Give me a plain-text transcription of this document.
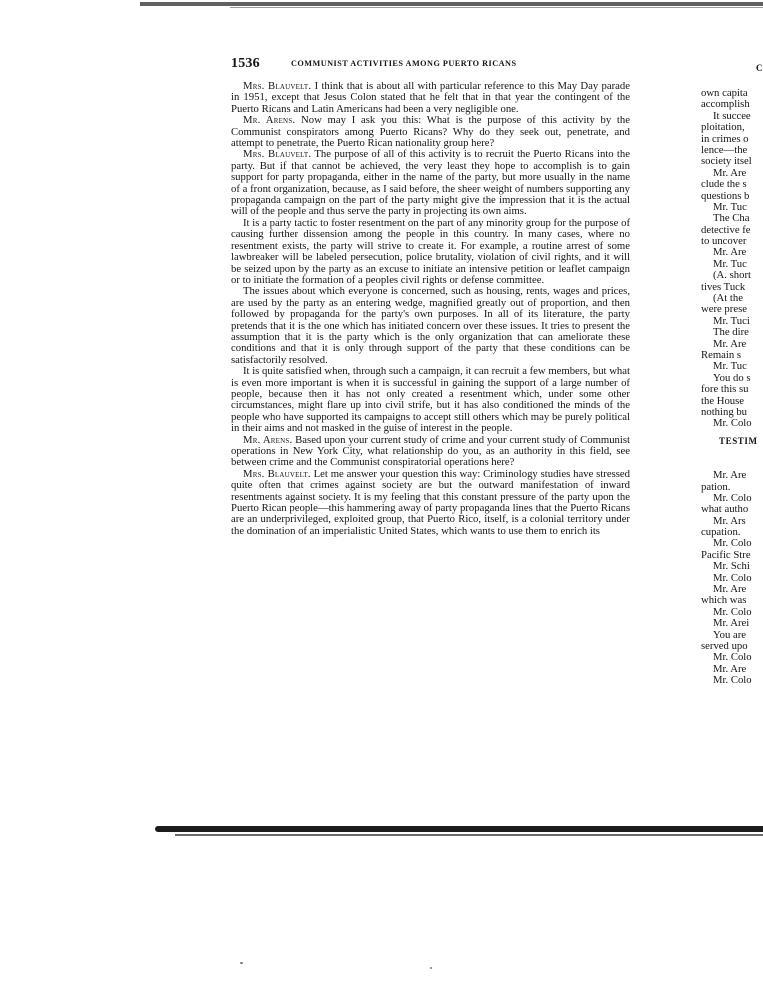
1536	COMMUNIST ACTIVITIES AMONG PUERTO RICANS	C

Mrs. Blauvelt. I think that is about all with particular reference to this May Day parade in 1951, except that Jesus Colon stated that he felt that in that year the contingent of the Puerto Ricans and Latin Americans had been a very negligible one.

Mr. Arens. Now may I ask you this: What is the purpose of this activity by the Communist conspirators among Puerto Ricans? Why do they seek out, penetrate, and attempt to penetrate, the Puerto Rican nationality group here?

Mrs. Blauvelt. The purpose of all of this activity is to recruit the Puerto Ricans into the party. But if that cannot be achieved, the very least they hope to accomplish is to gain support for party propaganda, either in the name of the party, but more usually in the name of a front organization, because, as I said before, the sheer weight of numbers supporting any propaganda campaign on the part of the party might give the impression that it is the actual will of the people and thus serve the party in projecting its own aims.

It is a party tactic to foster resentment on the part of any minority group for the purpose of causing further dissension among the people in this country. In many cases, where no resentment exists, the party will strive to create it. For example, a routine arrest of some lawbreaker will be labeled persecution, police brutality, violation of civil rights, and it will be seized upon by the party as an excuse to initiate an intensive petition or leaflet campaign or to initiate the formation of a peoples civil rights or defense committee.

The issues about which everyone is concerned, such as housing, rents, wages and prices, are used by the party as an entering wedge, magnified greatly out of proportion, and then followed by propaganda for the party's own purposes. In all of its literature, the party pretends that it is the one which has initiated concern over these issues. It tries to present the assumption that it is the party which is the only organization that can ameliorate these conditions and that it is only through support of the party that these conditions can be satisfactorily resolved.

It is quite satisfied when, through such a campaign, it can recruit a few members, but what is even more important is when it is successful in gaining the support of a large number of people, because then it has not only created a resentment which, under some other circumstances, might flare up into civil strife, but it has also conditioned the minds of the people who have supported its campaigns to accept still others which may be purely political in their aims and not masked in the guise of interest in the people.

Mr. Arens. Based upon your current study of crime and your current study of Communist operations in New York City, what relationship do you, as an authority in this field, see between crime and the Communist conspiratorial operations here?

Mrs. Blauvelt. Let me answer your question this way: Criminology studies have stressed quite often that crimes against society are but the outward manifestation of inward resentments against society. It is my feeling that this constant pressure of the party upon the Puerto Rican people—this hammering away of party propaganda lines that the Puerto Ricans are an underprivileged, exploited group, that Puerto Rico, itself, is a colonial territory under the domination of an imperialistic United States, which wants to use them to enrich its

own capita
accomplish
It succee
ploitation,
in crimes o
lence—the
society itsel
Mr. Are
clude the s
questions b
Mr. Tuc
The Cha
detective fe
to uncover
Mr. Are
Mr. Tuc
(A. short
tives Tuck
(At the
were prese
Mr. Tuci
The dire
Mr. Are
Remain s
Mr. Tuc
You do s
fore this su
the House
nothing bu
Mr. Colo
TESTIM
Mr. Are
pation.
Mr. Colo
what autho
Mr. Ars
cupation.
Mr. Colo
Pacific Stre
Mr. Schi
Mr. Colo
Mr. Are
which was
Mr. Colo
Mr. Arei
You are
served upo
Mr. Colo
Mr. Are
Mr. Colo
